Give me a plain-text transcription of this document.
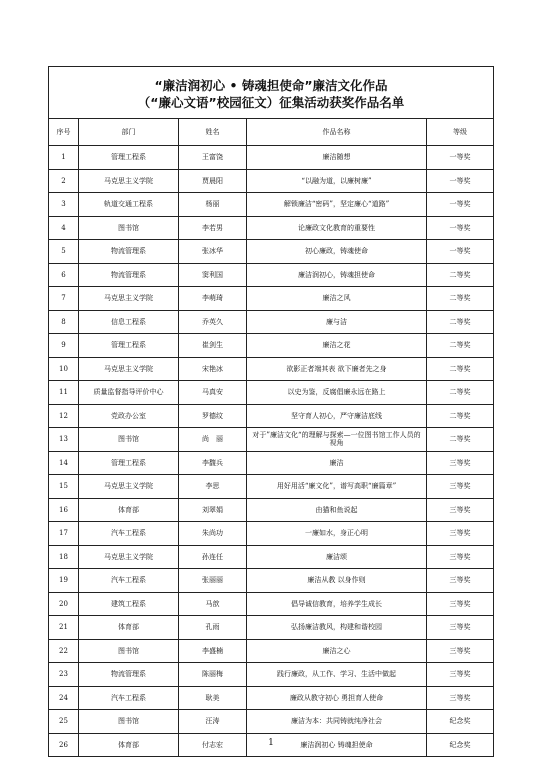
“廉洁润初心 • 铸魂担使命”廉洁文化作品
（“廉心文语”校园征文）征集活动获奖作品名单				

序号	部门	姓名	作品名称	等级
1	管理工程系	王富饶	廉洁随想	一等奖
2	马克思主义学院	贾晨阳	“以融为道，以廉树廉”	一等奖
3	轨道交通工程系	杨丽	解锁廉洁“密码”，坚定廉心“道路”	一等奖
4	图书馆	李若男	论廉政文化教育的重要性	一等奖
5	物流管理系	张冰华	初心廉政，铸魂使命	一等奖
6	物流管理系	窦利国	廉洁润初心，铸魂担使命	二等奖
7	马克思主义学院	李萌琦	廉洁之风	二等奖
8	信息工程系	乔英久	廉与洁	二等奖
9	管理工程系	崔剑生	廉洁之花	二等奖
10	马克思主义学院	宋艳冰	欲影正者端其表 欲下廉者先之身	二等奖
11	质量监督指导评价中心	马真安	以史为鉴，反腐倡廉永远在路上	二等奖
12	党政办公室	罗德纹	坚守育人初心，严守廉洁底线	二等奖
13	图书馆	尚　丽	对于”廉洁文化“的理解与探索—一位图书馆工作人员的视角	二等奖
14	管理工程系	李馥兵	廉洁	三等奖
15	马克思主义学院	李思	用好用活“廉文化”，谱写高职“廉篇章”	三等奖
16	体育部	刘翠娟	由猫和鱼说起	三等奖
17	汽车工程系	朱尚功	一廉如水，身正心明	三等奖
18	马克思主义学院	孙连任	廉洁颂	三等奖
19	汽车工程系	张丽丽	廉洁从教 以身作则	三等奖
20	建筑工程系	马歆	倡导诚信教育，培养学生成长	三等奖
21	体育部	孔雨	弘扬廉洁教风，构建和谐校园	三等奖
22	图书馆	李盛楠	廉洁之心	三等奖
23	物流管理系	陈丽梅	践行廉政，从工作、学习、生活中做起	三等奖
24	汽车工程系	耿美	廉政从教守初心 勇担育人使命	三等奖
25	图书馆	汪涛	廉洁为本：共同铸就纯净社会	纪念奖
26	体育部	付志宏	廉洁润初心 铸魂担使命	纪念奖
1
